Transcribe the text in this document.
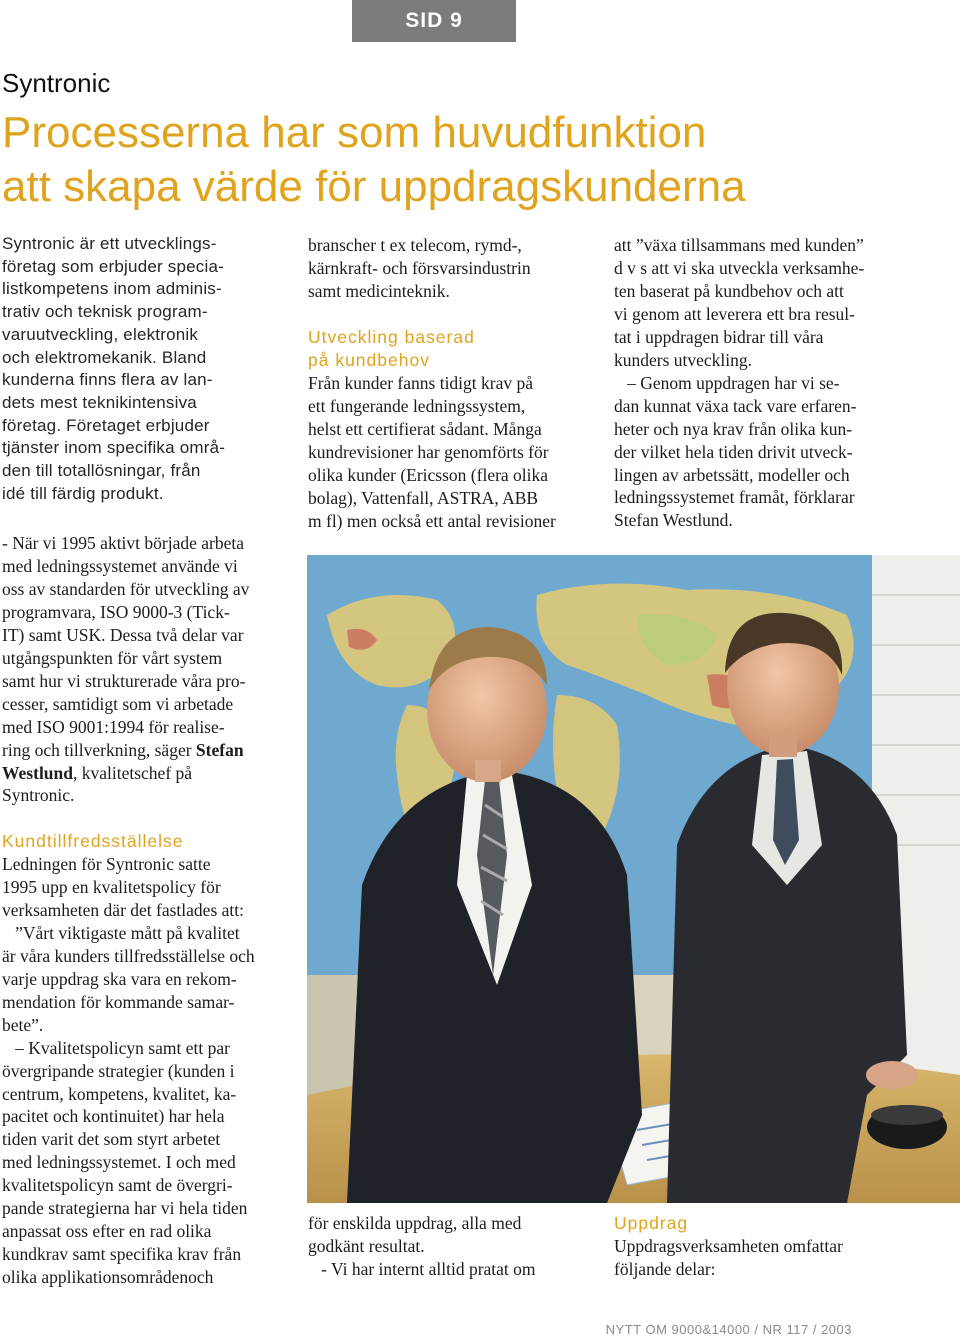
SID 9
Syntronic
Processerna har som huvudfunktion
att skapa värde för uppdragskunderna
Syntronic är ett utvecklings-
företag som erbjuder specia-
listkompetens inom adminis-
trativ och teknisk program-
varuutveckling, elektronik
och elektromekanik. Bland
kunderna finns flera av lan-
dets mest teknikintensiva
företag. Företaget erbjuder
tjänster inom specifika områ-
den till totallösningar, från
idé till färdig produkt.
- När vi 1995 aktivt började arbeta
med ledningssystemet använde vi
oss av standarden för utveckling av
programvara, ISO 9000-3 (Tick-
IT) samt USK. Dessa två delar var
utgångspunkten för vårt system
samt hur vi strukturerade våra pro-
cesser, samtidigt som vi arbetade
med ISO 9001:1994 för realise-
ring och tillverkning, säger Stefan
Westlund, kvalitetschef på
Syntronic.
Kundtillfredsställelse
Ledningen för Syntronic satte
1995 upp en kvalitetspolicy för
verksamheten där det fastlades att:
”Vårt viktigaste mått på kvalitet
är våra kunders tillfredsställelse och
varje uppdrag ska vara en rekom-
mendation för kommande samar-
bete”.
– Kvalitetspolicyn samt ett par
övergripande strategier (kunden i
centrum, kompetens, kvalitet, ka-
pacitet och kontinuitet) har hela
tiden varit det som styrt arbetet
med ledningssystemet. I och med
kvalitetspolicyn samt de övergri-
pande strategierna har vi hela tiden
anpassat oss efter en rad olika
kundkrav samt specifika krav från
olika applikationsområdenoch
branscher t ex telecom, rymd-,
kärnkraft- och försvarsindustrin
samt medicinteknik.
Utveckling baserad
på kundbehov
Från kunder fanns tidigt krav på
ett fungerande ledningssystem,
helst ett certifierat sådant. Många
kundrevisioner har genomförts för
olika kunder (Ericsson (flera olika
bolag), Vattenfall, ASTRA, ABB
m fl) men också ett antal revisioner
för enskilda uppdrag, alla med
godkänt resultat.
- Vi har internt alltid pratat om
att ”växa tillsammans med kunden”
d v s att vi ska utveckla verksamhe-
ten baserat på kundbehov och att
vi genom att leverera ett bra resul-
tat i uppdragen bidrar till våra
kunders utveckling.
– Genom uppdragen har vi se-
dan kunnat växa tack vare erfaren-
heter och nya krav från olika kun-
der vilket hela tiden drivit utveck-
lingen av arbetssätt, modeller och
ledningssystemet framåt, förklarar
Stefan Westlund.
Uppdrag
Uppdragsverksamheten omfattar
följande delar:
NYTT OM 9000&14000 / NR 117 / 2003
